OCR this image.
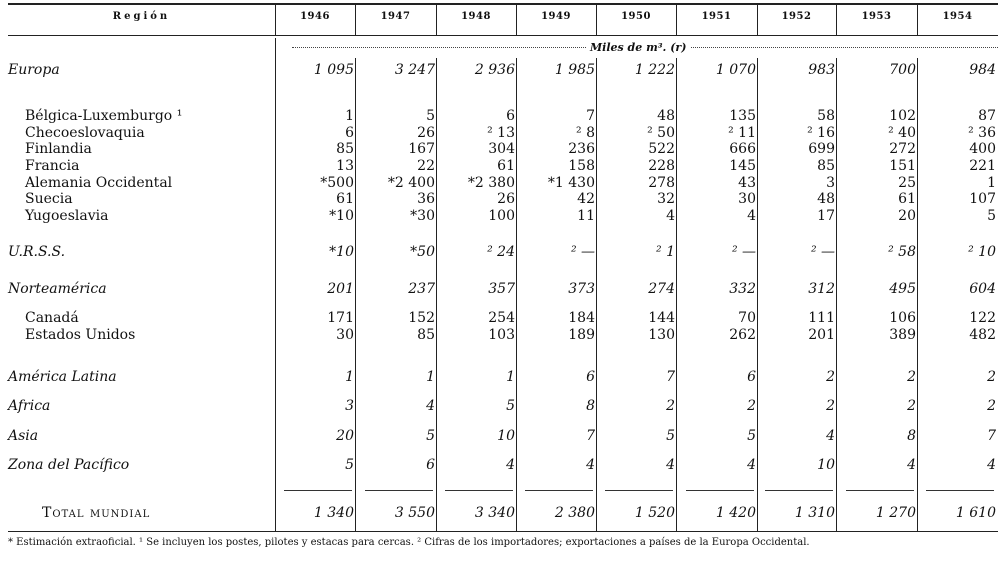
Región	1946	1947	1948	1949	1950	1951	1952	1953	1954
Miles de m³. (r)
Europa	1 095	3 247	2 936	1 985	1 222	1 070	983	700	984
Bélgica-Luxemburgo ¹	1	5	6	7	48	135	58	102	87
Checoeslovaquia	6	26	² 13	² 8	² 50	² 11	² 16	² 40	² 36
Finlandia	85	167	304	236	522	666	699	272	400
Francia	13	22	61	158	228	145	85	151	221
Alemania Occidental	*500	*2 400	*2 380	*1 430	278	43	3	25	1
Suecia	61	36	26	42	32	30	48	61	107
Yugoeslavia	*10	*30	100	11	4	4	17	20	5
U.R.S.S.	*10	*50	² 24	² —	² 1	² —	² —	² 58	² 10
Norteamérica	201	237	357	373	274	332	312	495	604
Canadá	171	152	254	184	144	70	111	106	122
Estados Unidos	30	85	103	189	130	262	201	389	482
América Latina	1	1	1	6	7	6	2	2	2
Africa	3	4	5	8	2	2	2	2	2
Asia	20	5	10	7	5	5	4	8	7
Zona del Pacífico	5	6	4	4	4	4	10	4	4
Total mundial	1 340	3 550	3 340	2 380	1 520	1 420	1 310	1 270	1 610
* Estimación extraoficial. ¹ Se incluyen los postes, pilotes y estacas para cercas. ² Cifras de los importadores; exportaciones a países de la Europa Occidental.
